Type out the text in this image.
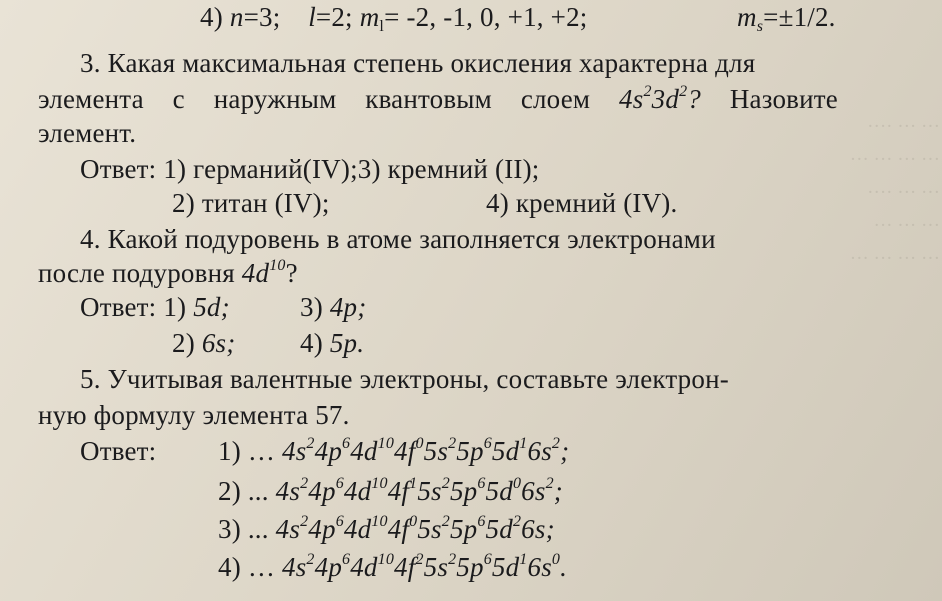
··· ··· ····
··· ··· ··· ···
··· ··· ····
··· ··· ···
··· ··· ··· ···
4) n=3; l=2; $m_l= -2$, -1, 0, +1, +2;	$m_s=\pm 1/2$.
3. Какая максимальная степень окисления характерна для
элемента с наружным квантовым слоем $4s^23d^2$? Назовите
элемент.
Ответ: 1) германий(IV);3) кремний (II);
2) титан (IV);	4) кремний (IV).
4. Какой подуровень в атоме заполняется электронами
после подуровня $4d^{10}$?
Ответ: 1) 5d;	3) 4p;
2) 6s; 4) 5p.
5. Учитывая валентные электроны, составьте электрон-
ную формулу элемента 57.
Ответ: 1) … $4s^24p^64d^{10}4f^05s^25p^65d^16s^2$;
2) ... $4s^24p^64d^{10}4f^15s^25p^65d^06s^2$;
3) ... $4s^24p^64d^{10}4f^05s^25p^65d^26s$;
4) … $4s^24p^64d^{10}4f^25s^25p^65d^16s^0$.
